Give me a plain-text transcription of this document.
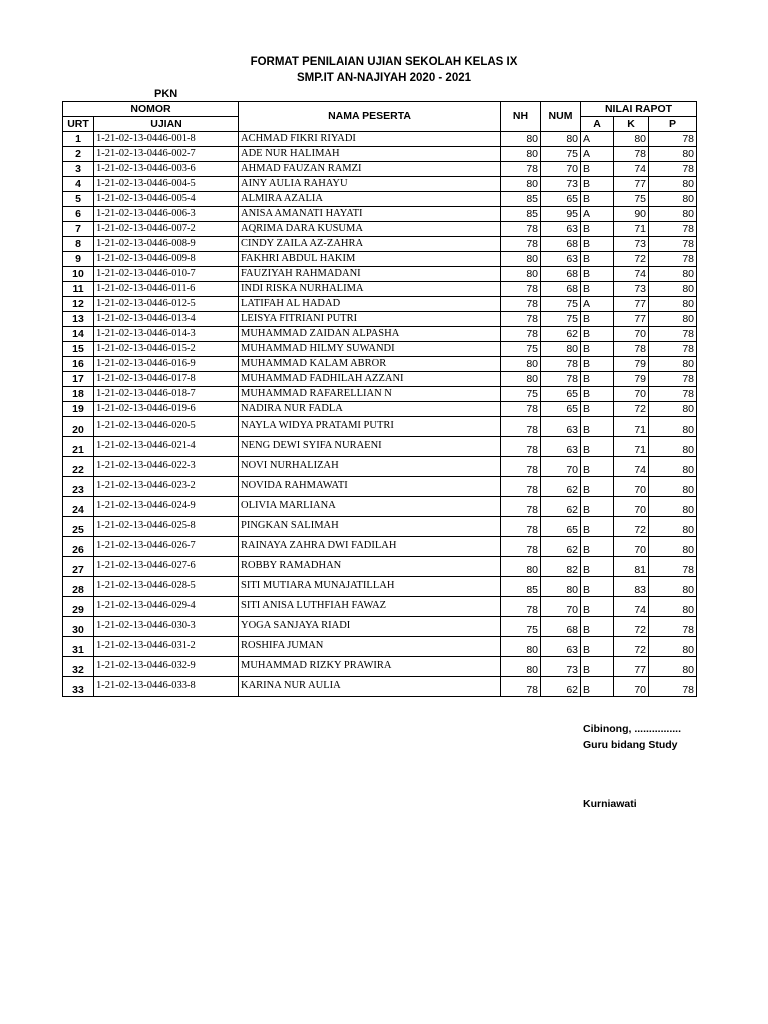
FORMAT PENILAIAN UJIAN SEKOLAH KELAS IX
SMP.IT AN-NAJIYAH 2020 - 2021
PKN
NOMOR		NAMA PESERTA	NH	NUM	NILAI RAPOT		
URT	UJIAN				A	K	P
1	1-21-02-13-0446-001-8	ACHMAD FIKRI RIYADI	80	80	A	80	78
2	1-21-02-13-0446-002-7	ADE NUR HALIMAH	80	75	A	78	80
3	1-21-02-13-0446-003-6	AHMAD FAUZAN RAMZI	78	70	B	74	78
4	1-21-02-13-0446-004-5	AINY AULIA RAHAYU	80	73	B	77	80
5	1-21-02-13-0446-005-4	ALMIRA AZALIA	85	65	B	75	80
6	1-21-02-13-0446-006-3	ANISA AMANATI HAYATI	85	95	A	90	80
7	1-21-02-13-0446-007-2	AQRIMA DARA KUSUMA	78	63	B	71	78
8	1-21-02-13-0446-008-9	CINDY ZAILA AZ-ZAHRA	78	68	B	73	78
9	1-21-02-13-0446-009-8	FAKHRI ABDUL HAKIM	80	63	B	72	78
10	1-21-02-13-0446-010-7	FAUZIYAH RAHMADANI	80	68	B	74	80
11	1-21-02-13-0446-011-6	INDI RISKA NURHALIMA	78	68	B	73	80
12	1-21-02-13-0446-012-5	LATIFAH AL HADAD	78	75	A	77	80
13	1-21-02-13-0446-013-4	LEISYA FITRIANI PUTRI	78	75	B	77	80
14	1-21-02-13-0446-014-3	MUHAMMAD ZAIDAN ALPASHA	78	62	B	70	78
15	1-21-02-13-0446-015-2	MUHAMMAD HILMY SUWANDI	75	80	B	78	78
16	1-21-02-13-0446-016-9	MUHAMMAD KALAM ABROR	80	78	B	79	80
17	1-21-02-13-0446-017-8	MUHAMMAD FADHILAH AZZANI	80	78	B	79	78
18	1-21-02-13-0446-018-7	MUHAMMAD RAFARELLIAN N	75	65	B	70	78
19	1-21-02-13-0446-019-6	NADIRA NUR FADLA	78	65	B	72	80
20	1-21-02-13-0446-020-5	NAYLA WIDYA PRATAMI PUTRI	78	63	B	71	80
21	1-21-02-13-0446-021-4	NENG DEWI SYIFA NURAENI	78	63	B	71	80
22	1-21-02-13-0446-022-3	NOVI NURHALIZAH	78	70	B	74	80
23	1-21-02-13-0446-023-2	NOVIDA RAHMAWATI	78	62	B	70	80
24	1-21-02-13-0446-024-9	OLIVIA MARLIANA	78	62	B	70	80
25	1-21-02-13-0446-025-8	PINGKAN SALIMAH	78	65	B	72	80
26	1-21-02-13-0446-026-7	RAINAYA ZAHRA DWI FADILAH	78	62	B	70	80
27	1-21-02-13-0446-027-6	ROBBY RAMADHAN	80	82	B	81	78
28	1-21-02-13-0446-028-5	SITI MUTIARA MUNAJATILLAH	85	80	B	83	80
29	1-21-02-13-0446-029-4	SITI ANISA LUTHFIAH FAWAZ	78	70	B	74	80
30	1-21-02-13-0446-030-3	YOGA SANJAYA RIADI	75	68	B	72	78
31	1-21-02-13-0446-031-2	ROSHIFA JUMAN	80	63	B	72	80
32	1-21-02-13-0446-032-9	MUHAMMAD RIZKY PRAWIRA	80	73	B	77	80
33	1-21-02-13-0446-033-8	KARINA NUR AULIA	78	62	B	70	78
Cibinong, ................
Guru bidang Study
Kurniawati
